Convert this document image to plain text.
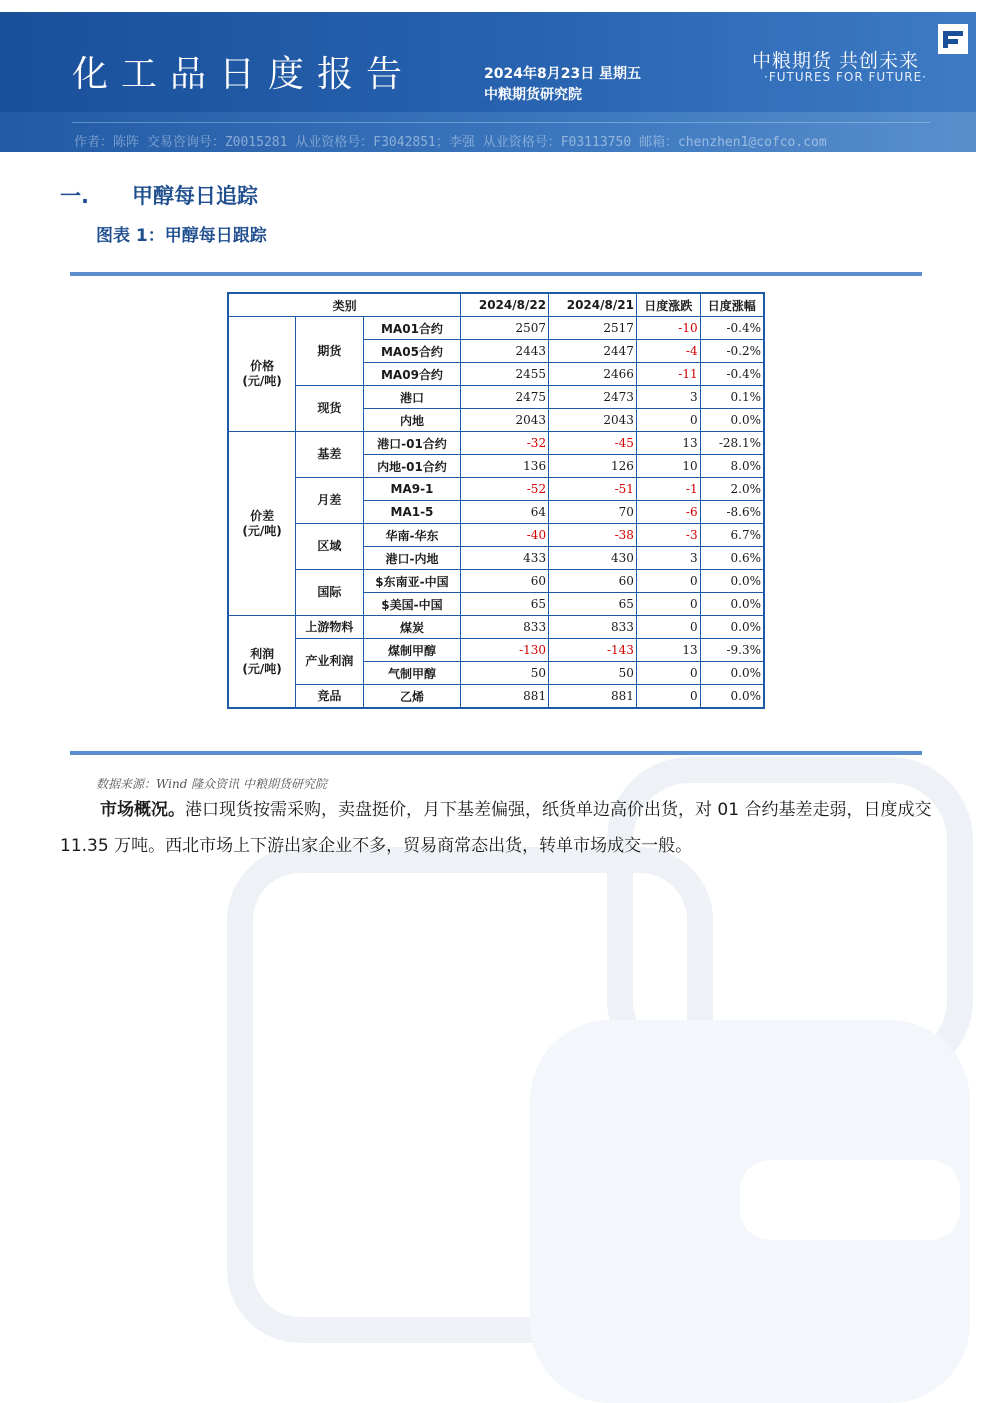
化工品日度报告	2024年8月23日 星期五
中粮期货研究院
中粮期货 共创未来
·FUTURES FOR FUTURE·
一. 甲醇每日追踪
图表 1：甲醇每日跟踪
类别			2024/8/22	2024/8/21	日度涨跌	日度涨幅
价格
(元/吨)	期货	MA01合约	2507	2517	-10	-0.4%
		MA05合约	2443	2447	-4	-0.2%
		MA09合约	2455	2466	-11	-0.4%
	现货	港口	2475	2473	3	0.1%
		内地	2043	2043	0	0.0%
价差
(元/吨)	基差	港口-01合约	-32	-45	13	-28.1%
		内地-01合约	136	126	10	8.0%
	月差	MA9-1	-52	-51	-1	2.0%
		MA1-5	64	70	-6	-8.6%
	区域	华南-华东	-40	-38	-3	6.7%
		港口-内地	433	430	3	0.6%
	国际	$东南亚-中国	60	60	0	0.0%
		$美国-中国	65	65	0	0.0%
利润
(元/吨)	上游物料	煤炭	833	833	0	0.0%
	产业利润	煤制甲醇	-130	-143	13	-9.3%
		气制甲醇	50	50	0	0.0%
	竞品	乙烯	881	881	0	0.0%
数据来源：Wind 隆众资讯 中粮期货研究院
市场概况。港口现货按需采购，卖盘挺价，月下基差偏强，纸货单边高价出货，对 01 合约基差走弱，日度成交 11.35 万吨。西北市场上下游出家企业不多，贸易商常态出货，转单市场成交一般。
